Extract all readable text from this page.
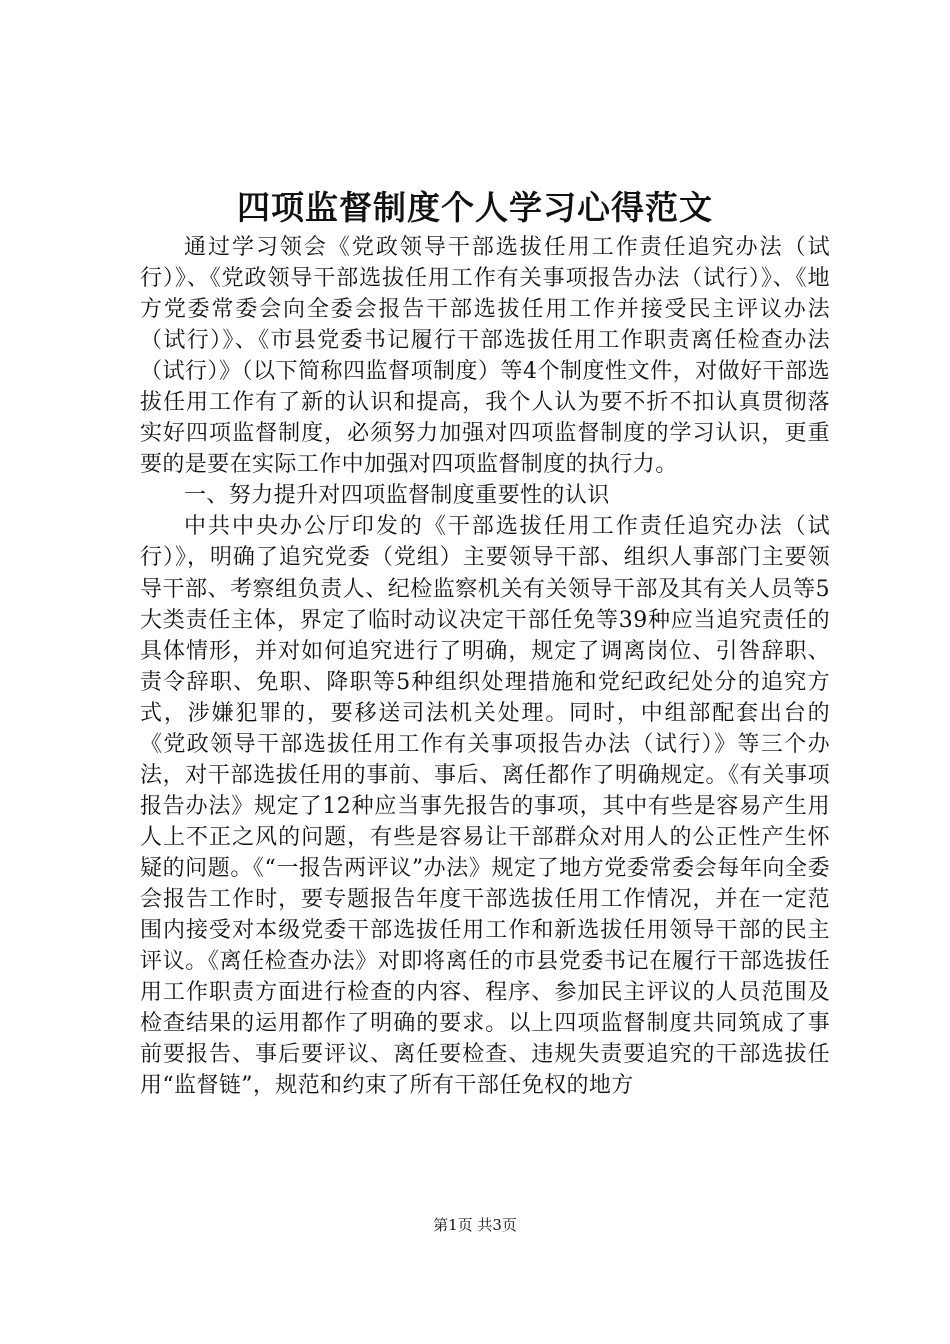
四项监督制度个人学习心得范文

通过学习领会《党政领导干部选拔任用工作责任追究办法（试行）》、《党政领导干部选拔任用工作有关事项报告办法（试行）》、《地方党委常委会向全委会报告干部选拔任用工作并接受民主评议办法（试行）》、《市县党委书记履行干部选拔任用工作职责离任检查办法（试行）》（以下简称四监督项制度）等4个制度性文件，对做好干部选拔任用工作有了新的认识和提高，我个人认为要不折不扣认真贯彻落实好四项监督制度，必须努力加强对四项监督制度的学习认识，更重要的是要在实际工作中加强对四项监督制度的执行力。

一、努力提升对四项监督制度重要性的认识

中共中央办公厅印发的《干部选拔任用工作责任追究办法（试行）》，明确了追究党委（党组）主要领导干部、组织人事部门主要领导干部、考察组负责人、纪检监察机关有关领导干部及其有关人员等5大类责任主体，界定了临时动议决定干部任免等39种应当追究责任的具体情形，并对如何追究进行了明确，规定了调离岗位、引咎辞职、责令辞职、免职、降职等5种组织处理措施和党纪政纪处分的追究方式，涉嫌犯罪的，要移送司法机关处理。同时，中组部配套出台的《党政领导干部选拔任用工作有关事项报告办法（试行）》等三个办法，对干部选拔任用的事前、事后、离任都作了明确规定。《有关事项报告办法》规定了12种应当事先报告的事项，其中有些是容易产生用人上不正之风的问题，有些是容易让干部群众对用人的公正性产生怀疑的问题。《“一报告两评议”办法》规定了地方党委常委会每年向全委会报告工作时，要专题报告年度干部选拔任用工作情况，并在一定范围内接受对本级党委干部选拔任用工作和新选拔任用领导干部的民主评议。《离任检查办法》对即将离任的市县党委书记在履行干部选拔任用工作职责方面进行检查的内容、程序、参加民主评议的人员范围及检查结果的运用都作了明确的要求。以上四项监督制度共同筑成了事前要报告、事后要评议、离任要检查、违规失责要追究的干部选拔任用“监督链”，规范和约束了所有干部任免权的地方

第1页 共3页
